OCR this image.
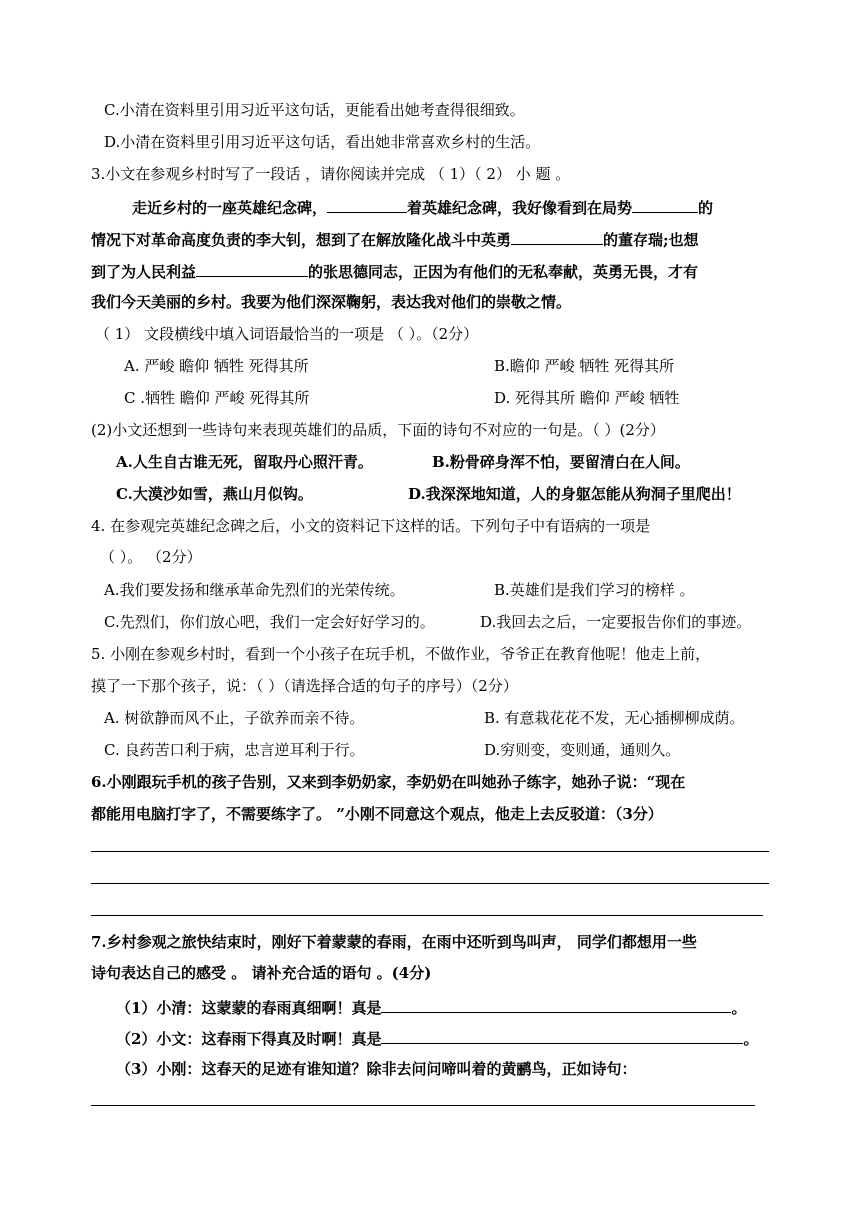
C.小清在资料里引用习近平这句话，更能看出她考查得很细致。
D.小清在资料里引用习近平这句话，看出她非常喜欢乡村的生活。
3.小文在参观乡村时写了一段话 ，请你阅读并完成 （ 1）（ 2） 小 题 。
走近乡村的一座英雄纪念碑，	着英雄纪念碑，我好像看到在局势	的
情况下对革命高度负责的李大钊，想到了在解放隆化战斗中英勇	的董存瑞;也想
到了为人民利益	的张思德同志，正因为有他们的无私奉献，英勇无畏，才有
我们今天美丽的乡村。我要为他们深深鞠躬，表达我对他们的崇敬之情。
（ 1） 文段横线中填入词语最恰当的一项是 （ ）。（2分）
A. 严峻 瞻仰 牺牲 死得其所	B.瞻仰 严峻 牺牲 死得其所
C .牺牲 瞻仰 严峻 死得其所	D. 死得其所 瞻仰 严峻 牺牲
(2)小文还想到一些诗句来表现英雄们的品质，下面的诗句不对应的一句是。（ ）(2分）
A.人生自古谁无死，留取丹心照汗青。	B.粉骨碎身浑不怕，要留清白在人间。
C.大漠沙如雪，燕山月似钩。	D.我深深地知道，人的身躯怎能从狗洞子里爬出！
4. 在参观完英雄纪念碑之后，小文的资料记下这样的话。下列句子中有语病的一项是
（ ）。 （2分）
A.我们要发扬和继承革命先烈们的光荣传统。	B.英雄们是我们学习的榜样 。
C.先烈们，你们放心吧，我们一定会好好学习的。	D.我回去之后，一定要报告你们的事迹。
5. 小刚在参观乡村时，看到一个小孩子在玩手机，不做作业，爷爷正在教育他呢！他走上前，
摸了一下那个孩子，说：（ ）（请选择合适的句子的序号）（2分）
A. 树欲静而风不止，子欲养而亲不待。	B. 有意栽花花不发，无心插柳柳成荫。
C. 良药苦口利于病，忠言逆耳利于行。	D.穷则变，变则通，通则久。
6.小刚跟玩手机的孩子告别，又来到李奶奶家，李奶奶在叫她孙子练字，她孙子说：“现在
都能用电脑打字了，不需要练字了。 ”小刚不同意这个观点，他走上去反驳道：（3分）
7.乡村参观之旅快结束时，刚好下着蒙蒙的春雨，在雨中还听到鸟叫声， 同学们都想用一些
诗句表达自己的感受 。 请补充合适的语句 。(4分)
（1）小清：这蒙蒙的春雨真细啊！真是	。
（2）小文：这春雨下得真及时啊！真是	。
（3）小刚：这春天的足迹有谁知道？除非去问问啼叫着的黄鹂鸟，正如诗句：
